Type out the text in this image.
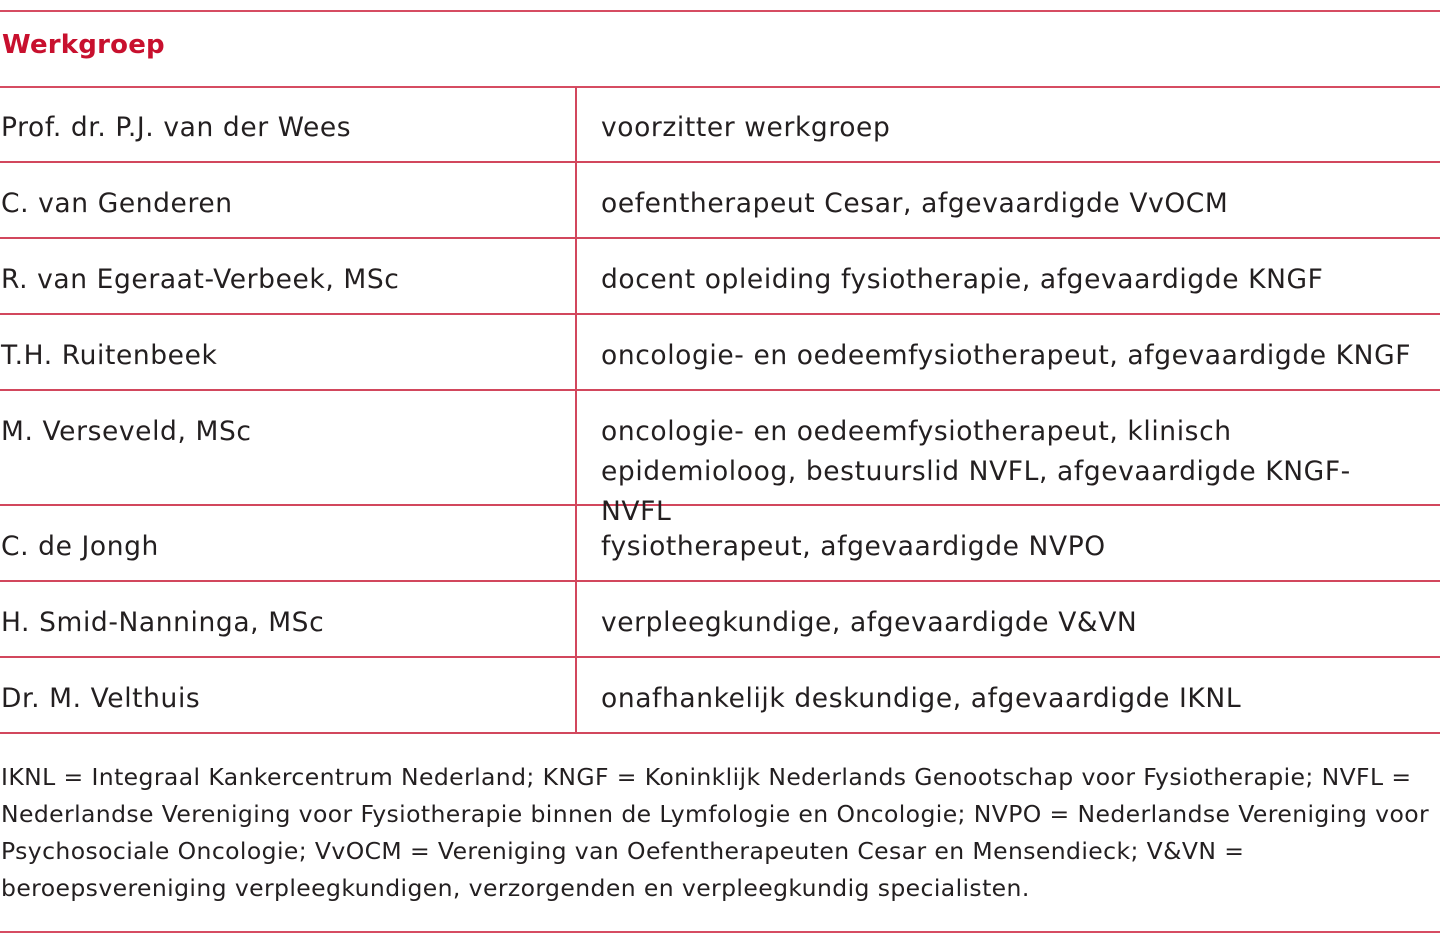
Werkgroep
Prof. dr. P.J. van der Wees	voorzitter werkgroep
C. van Genderen	oefentherapeut Cesar, afgevaardigde VvOCM
R. van Egeraat-Verbeek, MSc	docent opleiding fysiotherapie, afgevaardigde KNGF
T.H. Ruitenbeek	oncologie- en oedeemfysiotherapeut, afgevaardigde KNGF
M. Verseveld, MSc	oncologie- en oedeemfysiotherapeut, klinisch epidemioloog, bestuurslid NVFL, afgevaardigde KNGF-NVFL
C. de Jongh	fysiotherapeut, afgevaardigde NVPO
H. Smid-Nanninga, MSc	verpleegkundige, afgevaardigde V&VN
Dr. M. Velthuis	onafhankelijk deskundige, afgevaardigde IKNL
IKNL = Integraal Kankercentrum Nederland; KNGF = Koninklijk Nederlands Genootschap voor Fysiotherapie; NVFL = Nederlandse Vereniging voor Fysiotherapie binnen de Lymfologie en Oncologie; NVPO = Nederlandse Vereniging voor Psychosociale Oncologie; VvOCM = Vereniging van Oefentherapeuten Cesar en Mensendieck; V&VN = beroepsvereniging verpleegkundigen, verzorgenden en verpleegkundig specialisten.
